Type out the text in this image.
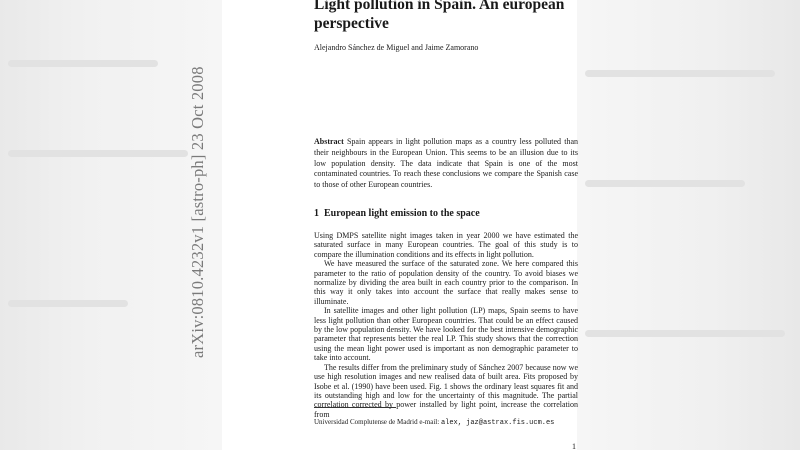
arXiv:0810.4232v1 [astro-ph] 23 Oct 2008
Light pollution in Spain. An european perspective
Alejandro Sánchez de Miguel and Jaime Zamorano

Abstract Spain appears in light pollution maps as a country less polluted than their neighbours in the European Union. This seems to be an illusion due to its low population density. The data indicate that Spain is one of the most contaminated countries. To reach these conclusions we compare the Spanish case to those of other European countries.

1 European light emission to the space

Using DMPS satellite night images taken in year 2000 we have estimated the saturated surface in many European countries. The goal of this study is to compare the illumination conditions and its effects in light pollution.

We have measured the surface of the saturated zone. We here compared this parameter to the ratio of population density of the country. To avoid biases we normalize by dividing the area built in each country prior to the comparison. In this way it only takes into account the surface that really makes sense to illuminate.

In satellite images and other light pollution (LP) maps, Spain seems to have less light pollution than other European countries. That could be an effect caused by the low population density. We have looked for the best intensive demographic parameter that represents better the real LP. This study shows that the correction using the mean light power used is important as non demographic parameter to take into account.

The results differ from the preliminary study of Sánchez 2007 because now we use high resolution images and new realised data of built area. Fits proposed by Isobe et al. (1990) have been used. Fig. 1 shows the ordinary least squares fit and its outstanding high and low for the uncertainty of this magnitude. The partial correlation corrected by power installed by light point, increase the correlation from

Universidad Complutense de Madrid e-mail: alex, jaz@astrax.fis.ucm.es
1
